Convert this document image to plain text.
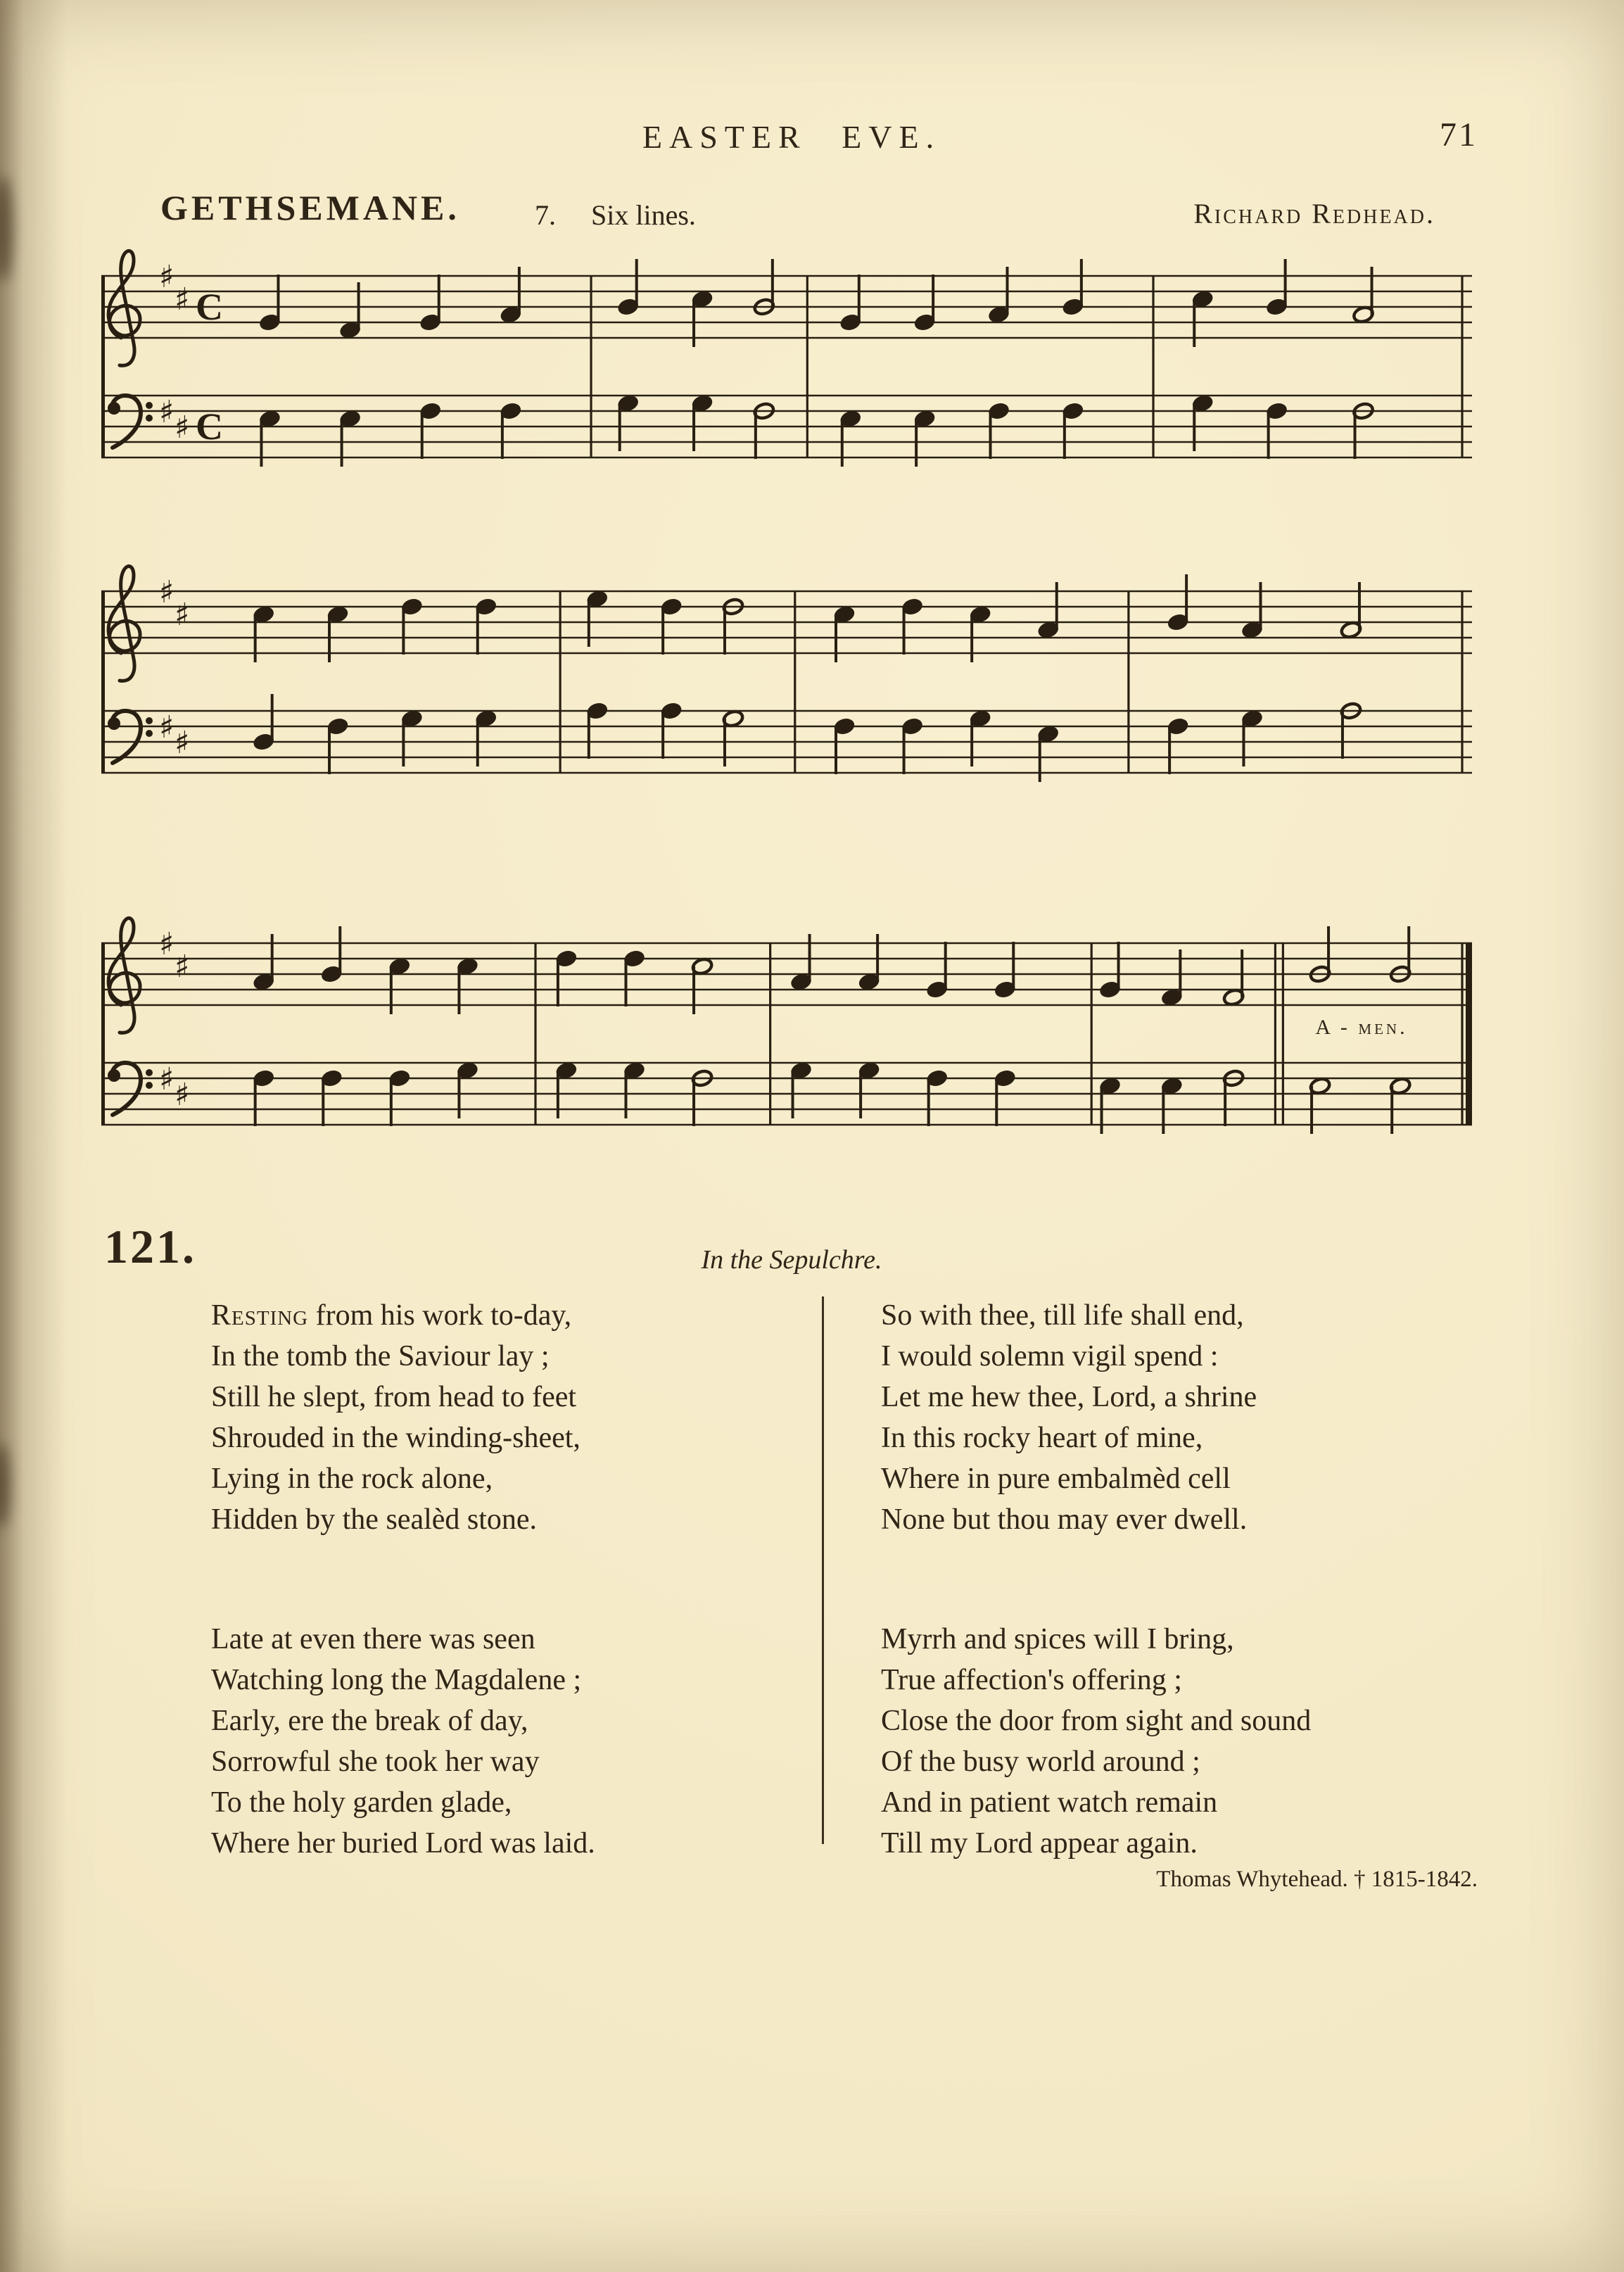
EASTER EVE.	71
GETHSEMANE.	7. Six lines.	Richard Redhead.
♯
♯
♯ ♯
C
C
♯
♯
♯ ♯
♯
♯
♯ ♯
A - men.
121.	In the Sepulchre.
Resting from his work to-day,
In the tomb the Saviour lay ;
Still he slept, from head to feet
Shrouded in the winding-sheet,
Lying in the rock alone,
Hidden by the sealèd stone.
Late at even there was seen
Watching long the Magdalene ;
Early, ere the break of day,
Sorrowful she took her way
To the holy garden glade,
Where her buried Lord was laid.
So with thee, till life shall end,
I would solemn vigil spend :
Let me hew thee, Lord, a shrine
In this rocky heart of mine,
Where in pure embalmèd cell
None but thou may ever dwell.
Myrrh and spices will I bring,
True affection's offering ;
Close the door from sight and sound
Of the busy world around ;
And in patient watch remain
Till my Lord appear again.
Thomas Whytehead. † 1815-1842.
